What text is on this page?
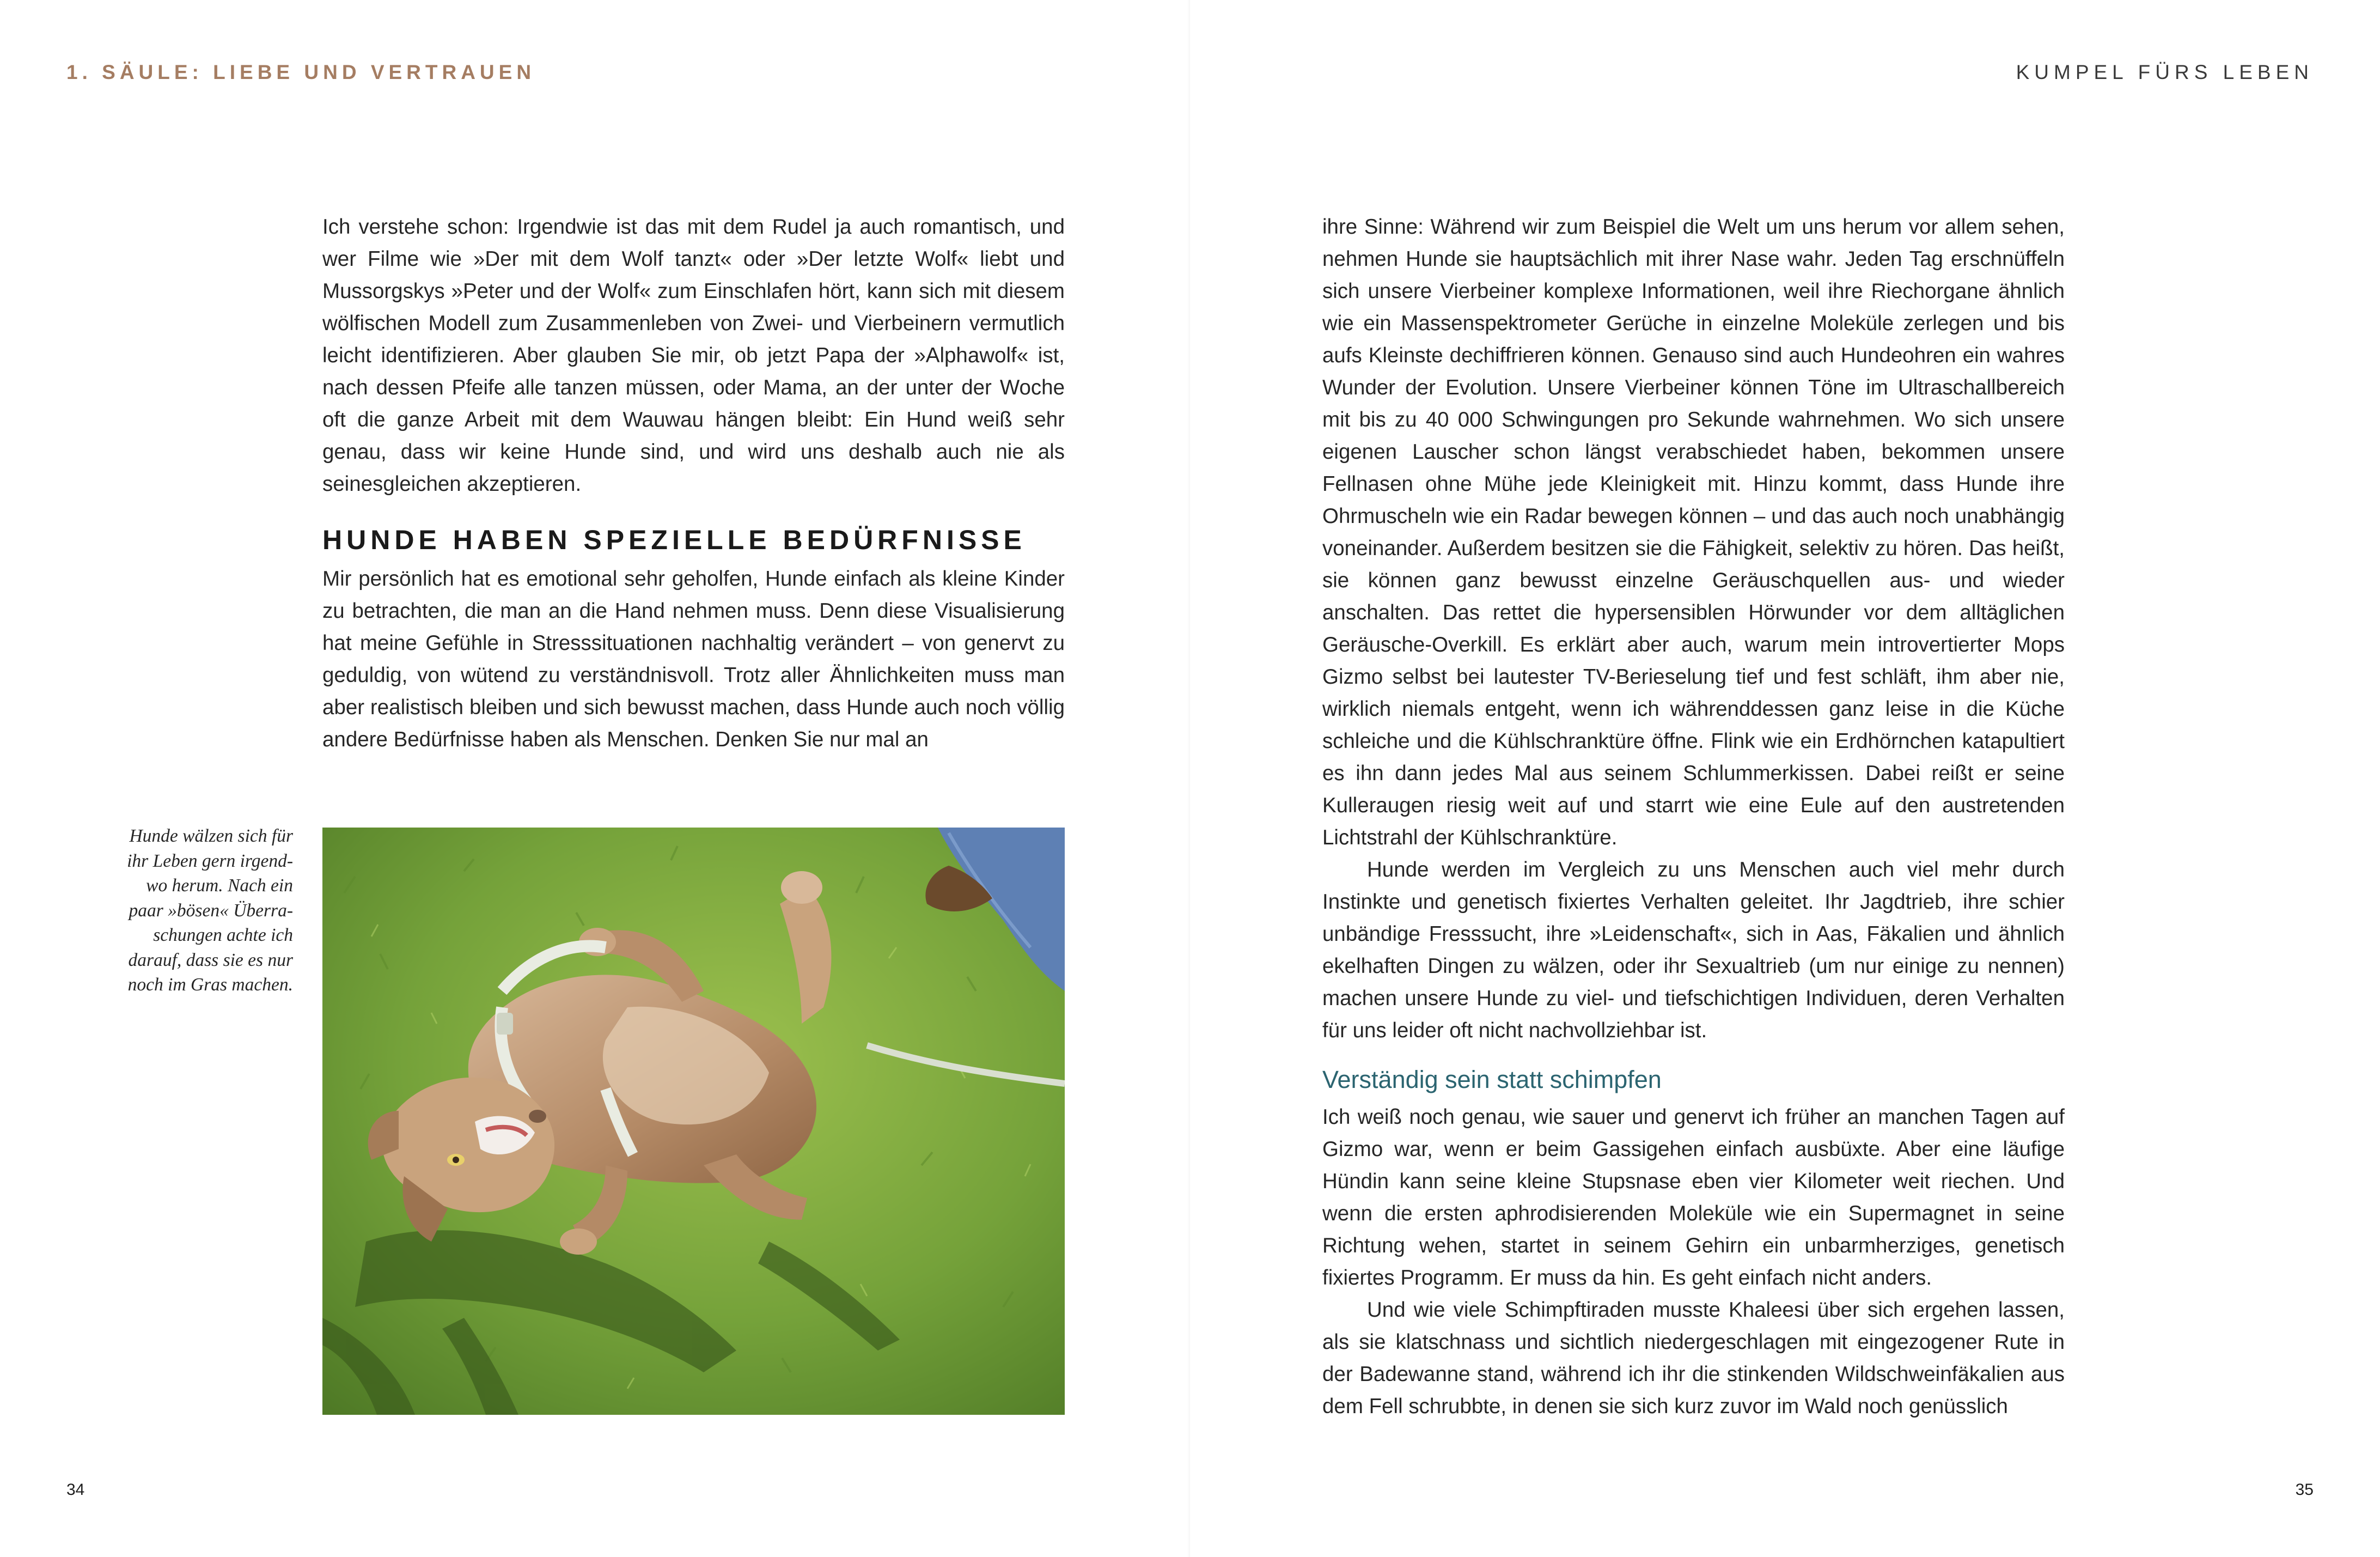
1. SÄULE: LIEBE UND VERTRAUEN

Ich verstehe schon: Irgendwie ist das mit dem Rudel ja auch romantisch, und wer Filme wie »Der mit dem Wolf tanzt« oder »Der letzte Wolf« liebt und Mussorgskys »Peter und der Wolf« zum Einschlafen hört, kann sich mit diesem wölfischen Modell zum Zusammenleben von Zwei- und Vierbeinern vermutlich leicht identifizieren. Aber glauben Sie mir, ob jetzt Papa der »Alphawolf« ist, nach dessen Pfeife alle tanzen müssen, oder Mama, an der unter der Woche oft die ganze Arbeit mit dem Wauwau hängen bleibt: Ein Hund weiß sehr genau, dass wir keine Hunde sind, und wird uns deshalb auch nie als seinesgleichen akzeptieren.

HUNDE HABEN SPEZIELLE BEDÜRFNISSE

Mir persönlich hat es emotional sehr geholfen, Hunde einfach als kleine Kinder zu betrachten, die man an die Hand nehmen muss. Denn diese Visualisierung hat meine Gefühle in Stresssituationen nachhaltig verändert – von genervt zu geduldig, von wütend zu verständnisvoll. Trotz aller Ähnlichkeiten muss man aber realistisch bleiben und sich bewusst machen, dass Hunde auch noch völlig andere Bedürfnisse haben als Menschen. Denken Sie nur mal an

Hunde wälzen sich für
ihr Leben gern irgend-
wo herum. Nach ein
paar »bösen« Überra-
schungen achte ich
darauf, dass sie es nur
noch im Gras machen.
34
KUMPEL FÜRS LEBEN
35

ihre Sinne: Während wir zum Beispiel die Welt um uns herum vor allem sehen, nehmen Hunde sie hauptsächlich mit ihrer Nase wahr. Jeden Tag erschnüffeln sich unsere Vierbeiner komplexe Informationen, weil ihre Riechorgane ähnlich wie ein Massenspektrometer Gerüche in einzelne Moleküle zerlegen und bis aufs Kleinste dechiffrieren können. Genauso sind auch Hundeohren ein wahres Wunder der Evolution. Unsere Vierbeiner können Töne im Ultraschallbereich mit bis zu 40 000 Schwingungen pro Sekunde wahrnehmen. Wo sich unsere eigenen Lauscher schon längst verabschiedet haben, bekommen unsere Fellnasen ohne Mühe jede Kleinigkeit mit. Hinzu kommt, dass Hunde ihre Ohrmuscheln wie ein Radar bewegen können – und das auch noch unabhängig voneinander. Außerdem besitzen sie die Fähigkeit, selektiv zu hören. Das heißt, sie können ganz bewusst einzelne Geräuschquellen aus- und wieder anschalten. Das rettet die hypersensiblen Hörwunder vor dem alltäglichen Geräusche-Overkill. Es erklärt aber auch, warum mein introvertierter Mops Gizmo selbst bei lautester TV-Berieselung tief und fest schläft, ihm aber nie, wirklich niemals entgeht, wenn ich währenddessen ganz leise in die Küche schleiche und die Kühlschranktüre öffne. Flink wie ein Erdhörnchen katapultiert es ihn dann jedes Mal aus seinem Schlummerkissen. Dabei reißt er seine Kulleraugen riesig weit auf und starrt wie eine Eule auf den austretenden Lichtstrahl der Kühlschranktüre.

Hunde werden im Vergleich zu uns Menschen auch viel mehr durch Instinkte und genetisch fixiertes Verhalten geleitet. Ihr Jagdtrieb, ihre schier unbändige Fresssucht, ihre »Leidenschaft«, sich in Aas, Fäkalien und ähnlich ekelhaften Dingen zu wälzen, oder ihr Sexualtrieb (um nur einige zu nennen) machen unsere Hunde zu viel- und tiefschichtigen Individuen, deren Verhalten für uns leider oft nicht nachvollziehbar ist.

Verständig sein statt schimpfen

Ich weiß noch genau, wie sauer und genervt ich früher an manchen Tagen auf Gizmo war, wenn er beim Gassigehen einfach ausbüxte. Aber eine läufige Hündin kann seine kleine Stupsnase eben vier Kilometer weit riechen. Und wenn die ersten aphrodisierenden Moleküle wie ein Supermagnet in seine Richtung wehen, startet in seinem Gehirn ein unbarmherziges, genetisch fixiertes Programm. Er muss da hin. Es geht einfach nicht anders.

Und wie viele Schimpftiraden musste Khaleesi über sich ergehen lassen, als sie klatschnass und sichtlich niedergeschlagen mit eingezogener Rute in der Badewanne stand, während ich ihr die stinkenden Wildschweinfäkalien aus dem Fell schrubbte, in denen sie sich kurz zuvor im Wald noch genüsslich
